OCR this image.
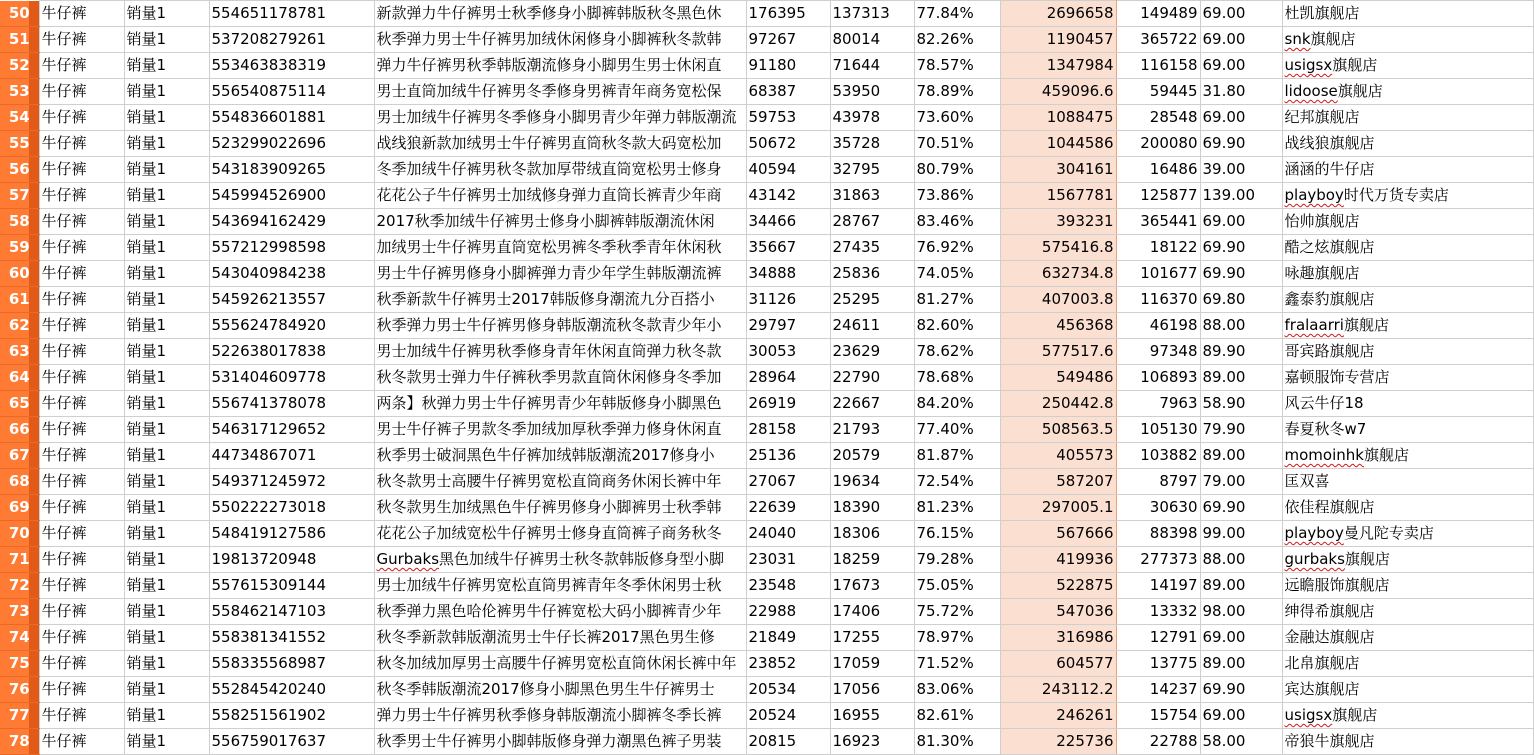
50	牛仔裤	销量1	554651178781	新款弹力牛仔裤男士秋季修身小脚裤韩版秋冬黑色休	176395	137313	77.84%	2696658	149489	69.00	杜凯旗舰店
51	牛仔裤	销量1	537208279261	秋季弹力男士牛仔裤男加绒休闲修身小脚裤秋冬款韩	97267	80014	82.26%	1190457	365722	69.00	snk旗舰店
52	牛仔裤	销量1	553463838319	弹力牛仔裤男秋季韩版潮流修身小脚男生男士休闲直	91180	71644	78.57%	1347984	116158	69.00	usigsx旗舰店
53	牛仔裤	销量1	556540875114	男士直筒加绒牛仔裤男冬季修身男裤青年商务宽松保	68387	53950	78.89%	459096.6	59445	31.80	lidoose旗舰店
54	牛仔裤	销量1	554836601881	男士加绒牛仔裤男冬季修身小脚男青少年弹力韩版潮流	59753	43978	73.60%	1088475	28548	69.00	纪邦旗舰店
55	牛仔裤	销量1	523299022696	战线狼新款加绒男士牛仔裤男直筒秋冬款大码宽松加	50672	35728	70.51%	1044586	200080	69.90	战线狼旗舰店
56	牛仔裤	销量1	543183909265	冬季加绒牛仔裤男秋冬款加厚带绒直筒宽松男士修身	40594	32795	80.79%	304161	16486	39.00	涵涵的牛仔店
57	牛仔裤	销量1	545994526900	花花公子牛仔裤男士加绒修身弹力直筒长裤青少年商	43142	31863	73.86%	1567781	125877	139.00	playboy时代万货专卖店
58	牛仔裤	销量1	543694162429	2017秋季加绒牛仔裤男士修身小脚裤韩版潮流休闲	34466	28767	83.46%	393231	365441	69.00	怡帅旗舰店
59	牛仔裤	销量1	557212998598	加绒男士牛仔裤男直筒宽松男裤冬季秋季青年休闲秋	35667	27435	76.92%	575416.8	18122	69.90	酷之炫旗舰店
60	牛仔裤	销量1	543040984238	男士牛仔裤男修身小脚裤弹力青少年学生韩版潮流裤	34888	25836	74.05%	632734.8	101677	69.90	咏趣旗舰店
61	牛仔裤	销量1	545926213557	秋季新款牛仔裤男士2017韩版修身潮流九分百搭小	31126	25295	81.27%	407003.8	116370	69.80	鑫泰豹旗舰店
62	牛仔裤	销量1	555624784920	秋季弹力男士牛仔裤男修身韩版潮流秋冬款青少年小	29797	24611	82.60%	456368	46198	88.00	fralaarri旗舰店
63	牛仔裤	销量1	522638017838	男士加绒牛仔裤男秋季修身青年休闲直筒弹力秋冬款	30053	23629	78.62%	577517.6	97348	89.90	哥宾路旗舰店
64	牛仔裤	销量1	531404609778	秋冬款男士弹力牛仔裤秋季男款直筒休闲修身冬季加	28964	22790	78.68%	549486	106893	89.00	嘉顿服饰专营店
65	牛仔裤	销量1	556741378078	两条】秋弹力男士牛仔裤男青少年韩版修身小脚黑色	26919	22667	84.20%	250442.8	7963	58.90	风云牛仔18
66	牛仔裤	销量1	546317129652	男士牛仔裤子男款冬季加绒加厚秋季弹力修身休闲直	28158	21793	77.40%	508563.5	105130	79.90	春夏秋冬w7
67	牛仔裤	销量1	44734867071	秋季男士破洞黑色牛仔裤加绒韩版潮流2017修身小	25136	20579	81.87%	405573	103882	89.00	momoinhk旗舰店
68	牛仔裤	销量1	549371245972	秋冬款男士高腰牛仔裤男宽松直筒商务休闲长裤中年	27067	19634	72.54%	587207	8797	79.00	匡双喜
69	牛仔裤	销量1	550222273018	秋冬款男生加绒黑色牛仔裤男修身小脚裤男士秋季韩	22639	18390	81.23%	297005.1	30630	69.90	依佳程旗舰店
70	牛仔裤	销量1	548419127586	花花公子加绒宽松牛仔裤男士修身直筒裤子商务秋冬	24040	18306	76.15%	567666	88398	99.00	playboy曼凡陀专卖店
71	牛仔裤	销量1	19813720948	Gurbaks黑色加绒牛仔裤男士秋冬款韩版修身型小脚	23031	18259	79.28%	419936	277373	88.00	gurbaks旗舰店
72	牛仔裤	销量1	557615309144	男士加绒牛仔裤男宽松直筒男裤青年冬季休闲男士秋	23548	17673	75.05%	522875	14197	89.00	远瞻服饰旗舰店
73	牛仔裤	销量1	558462147103	秋季弹力黑色哈伦裤男牛仔裤宽松大码小脚裤青少年	22988	17406	75.72%	547036	13332	98.00	绅得希旗舰店
74	牛仔裤	销量1	558381341552	秋冬季新款韩版潮流男士牛仔长裤2017黑色男生修	21849	17255	78.97%	316986	12791	69.00	金融达旗舰店
75	牛仔裤	销量1	558335568987	秋冬加绒加厚男士高腰牛仔裤男宽松直筒休闲长裤中年	23852	17059	71.52%	604577	13775	89.00	北帛旗舰店
76	牛仔裤	销量1	552845420240	秋冬季韩版潮流2017修身小脚黑色男生牛仔裤男士	20534	17056	83.06%	243112.2	14237	69.90	宾达旗舰店
77	牛仔裤	销量1	558251561902	弹力男士牛仔裤男秋季修身韩版潮流小脚裤冬季长裤	20524	16955	82.61%	246261	15754	69.00	usigsx旗舰店
78	牛仔裤	销量1	556759017637	秋季男士牛仔裤男小脚韩版修身弹力潮黑色裤子男装	20815	16923	81.30%	225736	22788	58.00	帝狼牛旗舰店
